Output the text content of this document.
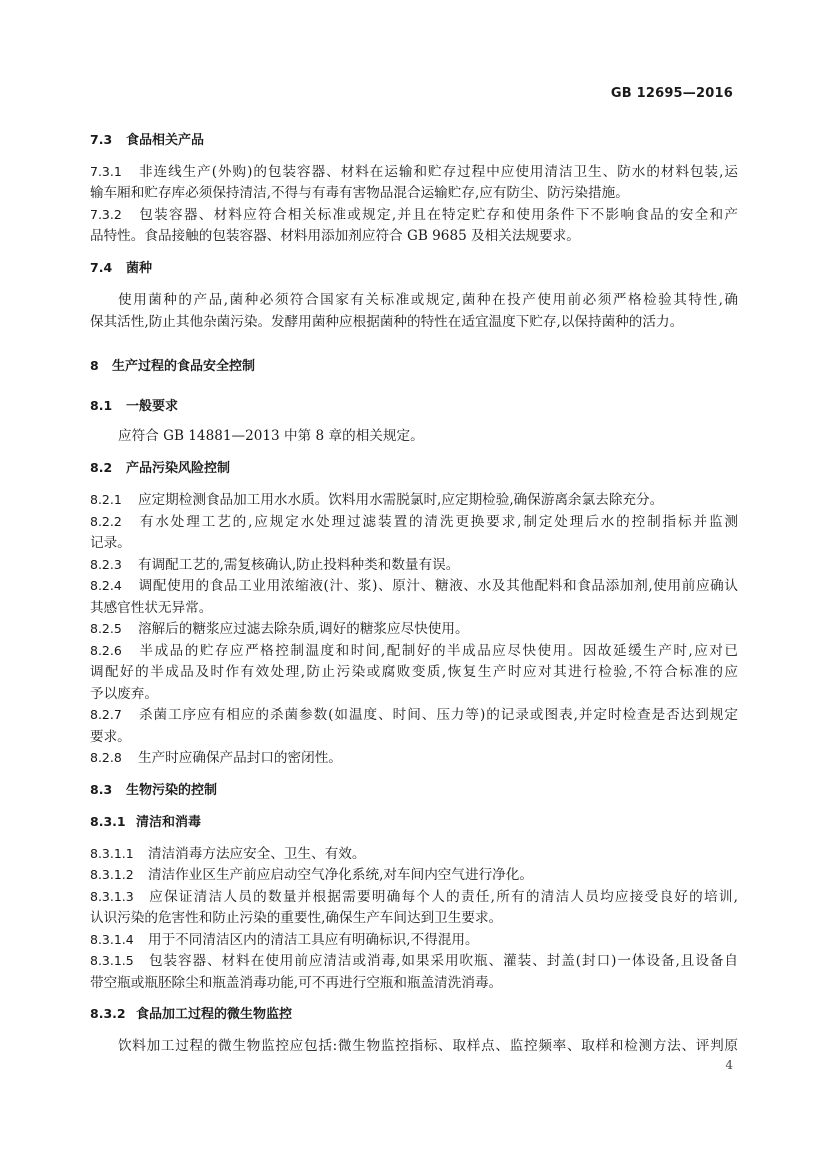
GB 12695—2016
7.3 食品相关产品
7.3.1 非连线生产(外购)的包装容器、材料在运输和贮存过程中应使用清洁卫生、防水的材料包装,运
输车厢和贮存库必须保持清洁,不得与有毒有害物品混合运输贮存,应有防尘、防污染措施。
7.3.2 包装容器、材料应符合相关标准或规定,并且在特定贮存和使用条件下不影响食品的安全和产
品特性。食品接触的包装容器、材料用添加剂应符合 GB 9685 及相关法规要求。
7.4 菌种
使用菌种的产品,菌种必须符合国家有关标准或规定,菌种在投产使用前必须严格检验其特性,确
保其活性,防止其他杂菌污染。发酵用菌种应根据菌种的特性在适宜温度下贮存,以保持菌种的活力。
8 生产过程的食品安全控制
8.1 一般要求
应符合 GB 14881—2013 中第 8 章的相关规定。
8.2 产品污染风险控制
8.2.1 应定期检测食品加工用水水质。饮料用水需脱氯时,应定期检验,确保游离余氯去除充分。
8.2.2 有水处理工艺的,应规定水处理过滤装置的清洗更换要求,制定处理后水的控制指标并监测
记录。
8.2.3 有调配工艺的,需复核确认,防止投料种类和数量有误。
8.2.4 调配使用的食品工业用浓缩液(汁、浆)、原汁、糖液、水及其他配料和食品添加剂,使用前应确认
其感官性状无异常。
8.2.5 溶解后的糖浆应过滤去除杂质,调好的糖浆应尽快使用。
8.2.6 半成品的贮存应严格控制温度和时间,配制好的半成品应尽快使用。因故延缓生产时,应对已
调配好的半成品及时作有效处理,防止污染或腐败变质,恢复生产时应对其进行检验,不符合标准的应
予以废弃。
8.2.7 杀菌工序应有相应的杀菌参数(如温度、时间、压力等)的记录或图表,并定时检查是否达到规定
要求。
8.2.8 生产时应确保产品封口的密闭性。
8.3 生物污染的控制
8.3.1 清洁和消毒
8.3.1.1 清洁消毒方法应安全、卫生、有效。
8.3.1.2 清洁作业区生产前应启动空气净化系统,对车间内空气进行净化。
8.3.1.3 应保证清洁人员的数量并根据需要明确每个人的责任,所有的清洁人员均应接受良好的培训,
认识污染的危害性和防止污染的重要性,确保生产车间达到卫生要求。
8.3.1.4 用于不同清洁区内的清洁工具应有明确标识,不得混用。
8.3.1.5 包装容器、材料在使用前应清洁或消毒,如果采用吹瓶、灌装、封盖(封口)一体设备,且设备自
带空瓶或瓶胚除尘和瓶盖消毒功能,可不再进行空瓶和瓶盖清洗消毒。
8.3.2 食品加工过程的微生物监控
饮料加工过程的微生物监控应包括:微生物监控指标、取样点、监控频率、取样和检测方法、评判原
4
